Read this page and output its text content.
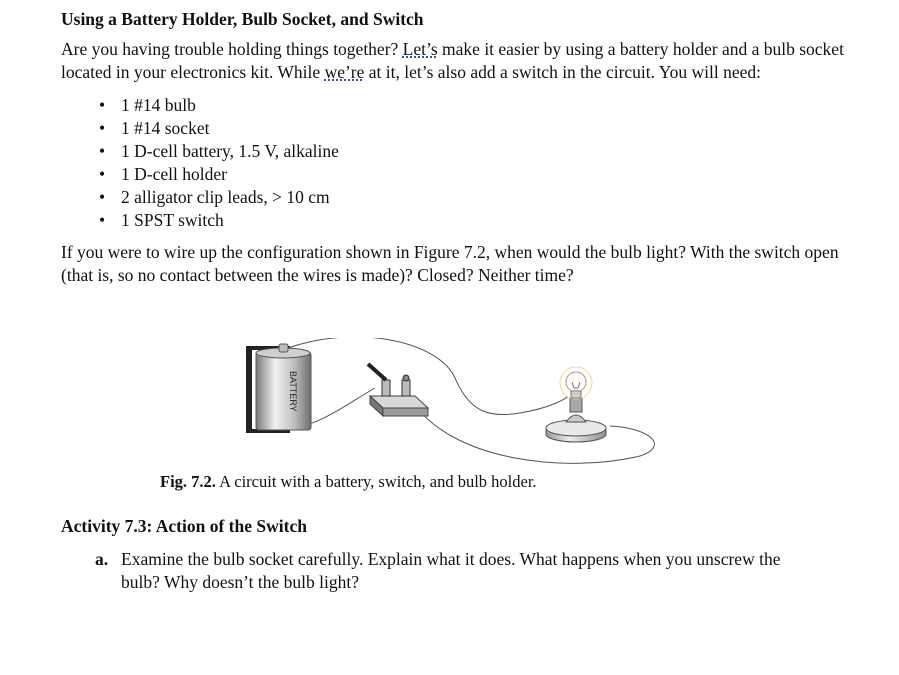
Using a Battery Holder, Bulb Socket, and Switch

Are you having trouble holding things together? Let’s make it easier by using a battery holder and a bulb socket located in your electronics kit. While we’re at it, let’s also add a switch in the circuit. You will need:

• 1 #14 bulb
• 1 #14 socket
• 1 D-cell battery, 1.5 V, alkaline
• 1 D-cell holder
• 2 alligator clip leads, > 10 cm
• 1 SPST switch

If you were to wire up the configuration shown in Figure 7.2, when would the bulb light? With the switch open (that is, so no contact between the wires is made)? Closed? Neither time?

BATTERY
Fig. 7.2. A circuit with a battery, switch, and bulb holder.
Activity 7.3: Action of the Switch
a. Examine the bulb socket carefully. Explain what it does. What happens when you unscrew the bulb? Why doesn’t the bulb light?
